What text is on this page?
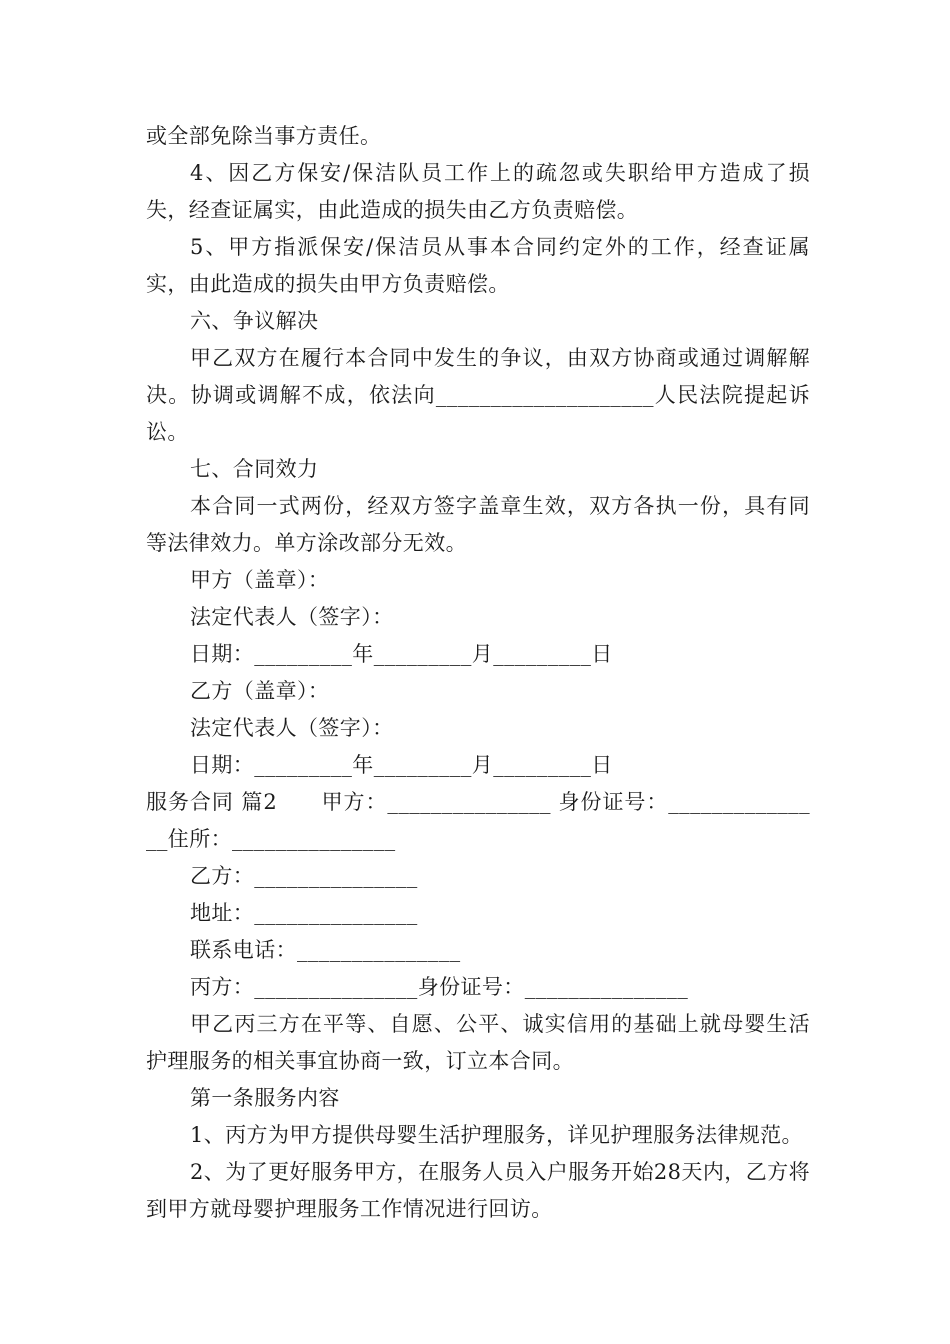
或全部免除当事方责任。

4、因乙方保安/保洁队员工作上的疏忽或失职给甲方造成了损失，经查证属实，由此造成的损失由乙方负责赔偿。

5、甲方指派保安/保洁员从事本合同约定外的工作，经查证属实，由此造成的损失由甲方负责赔偿。

六、争议解决

甲乙双方在履行本合同中发生的争议，由双方协商或通过调解解决。协调或调解不成，依法向____________________人民法院提起诉讼。

七、合同效力

本合同一式两份，经双方签字盖章生效，双方各执一份，具有同等法律效力。单方涂改部分无效。

甲方（盖章）：

法定代表人（签字）：

日期：_________年_________月_________日

乙方（盖章）：

法定代表人（签字）：

日期：_________年_________月_________日

服务合同 篇2　　甲方：_______________ 身份证号：_______________住所：_______________

乙方：_______________

地址：_______________

联系电话：_______________

丙方：_______________身份证号：_______________

甲乙丙三方在平等、自愿、公平、诚实信用的基础上就母婴生活护理服务的相关事宜协商一致，订立本合同。

第一条服务内容

1、丙方为甲方提供母婴生活护理服务，详见护理服务法律规范。

2、为了更好服务甲方，在服务人员入户服务开始28天内，乙方将到甲方就母婴护理服务工作情况进行回访。
